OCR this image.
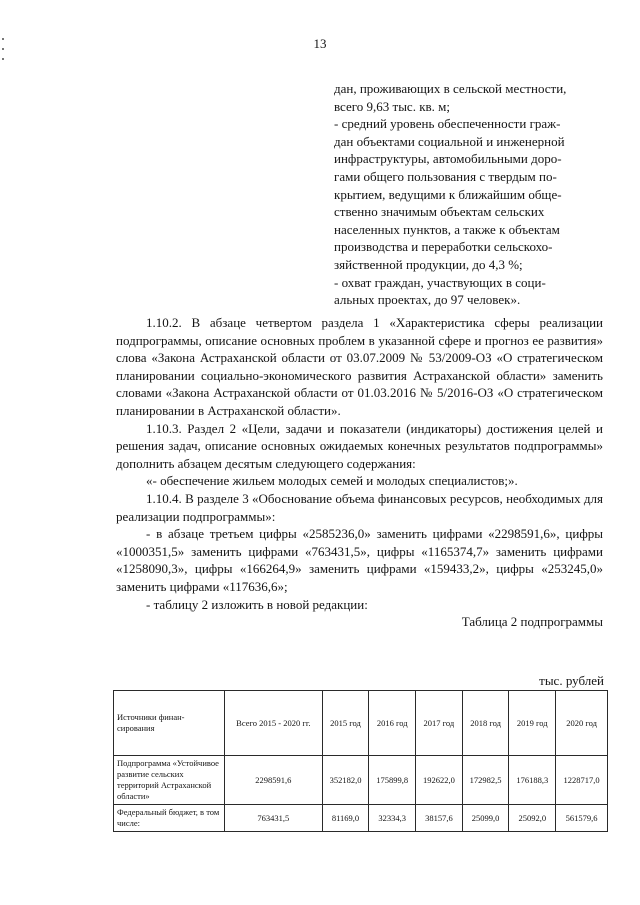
13
дан, проживающих в сельской местности,
всего 9,63 тыс. кв. м;
- средний уровень обеспеченности граж-
дан объектами социальной и инженерной
инфраструктуры, автомобильными доро-
гами общего пользования с твердым по-
крытием, ведущими к ближайшим обще-
ственно значимым объектам сельских
населенных пунктов, а также к объектам
производства и переработки сельскохо-
зяйственной продукции, до 4,3 %;
- охват граждан, участвующих в соци-
альных проектах, до 97 человек».

1.10.2. В абзаце четвертом раздела 1 «Характеристика сферы реализации подпрограммы, описание основных проблем в указанной сфере и прогноз ее развития» слова «Закона Астраханской области от 03.07.2009 № 53/2009-ОЗ «О стратегическом планировании социально-экономического развития Астраханской области» заменить словами «Закона Астраханской области от 01.03.2016 № 5/2016-ОЗ «О стратегическом планировании в Астраханской области».

1.10.3. Раздел 2 «Цели, задачи и показатели (индикаторы) достижения целей и решения задач, описание основных ожидаемых конечных результатов подпрограммы» дополнить абзацем десятым следующего содержания:

«- обеспечение жильем молодых семей и молодых специалистов;».

1.10.4. В разделе 3 «Обоснование объема финансовых ресурсов, необходимых для реализации подпрограммы»:

- в абзаце третьем цифры «2585236,0» заменить цифрами «2298591,6», цифры «1000351,5» заменить цифрами «763431,5», цифры «1165374,7» заменить цифрами «1258090,3», цифры «166264,9» заменить цифрами «159433,2», цифры «253245,0» заменить цифрами «117636,6»;

- таблицу 2 изложить в новой редакции:

Таблица 2 подпрограммы
тыс. рублей
Источники финан-сирования	Всего 2015 - 2020 гг.	2015 год	2016 год	2017 год	2018 год	2019 год	2020 год
Подпрограмма «Устойчивое развитие сельских территорий Астраханской области»	2298591,6	352182,0	175899,8	192622,0	172982,5	176188,3	1228717,0
Федеральный бюджет, в том числе:	763431,5	81169,0	32334,3	38157,6	25099,0	25092,0	561579,6
